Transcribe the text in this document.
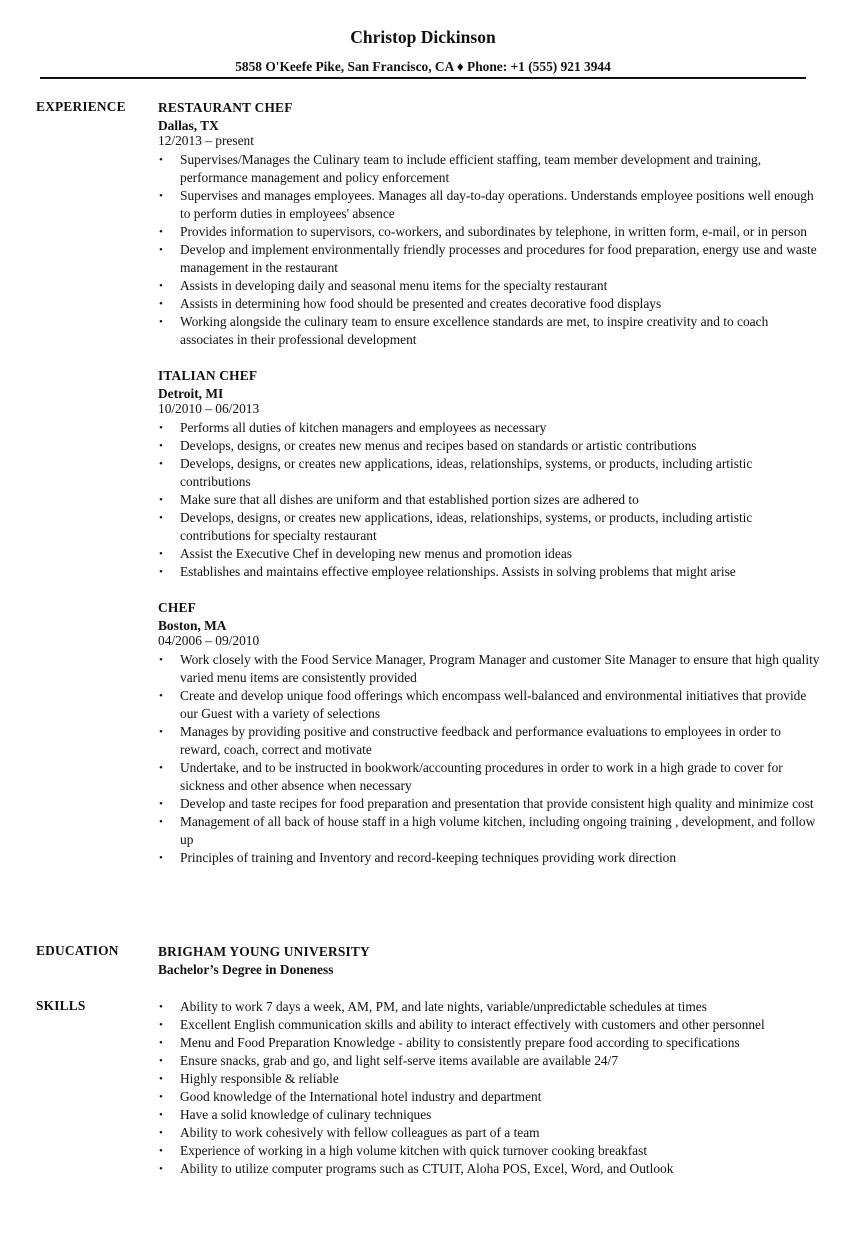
Christop Dickinson
5858 O'Keefe Pike, San Francisco, CA ♦ Phone: +1 (555) 921 3944
EXPERIENCE RESTAURANT CHEF
Dallas, TX
12/2013 – present
• Supervises/Manages the Culinary team to include efficient staffing, team member development and training, performance management and policy enforcement
• Supervises and manages employees. Manages all day-to-day operations. Understands employee positions well enough to perform duties in employees' absence
• Provides information to supervisors, co-workers, and subordinates by telephone, in written form, e-mail, or in person
• Develop and implement environmentally friendly processes and procedures for food preparation, energy use and waste management in the restaurant
• Assists in developing daily and seasonal menu items for the specialty restaurant
• Assists in determining how food should be presented and creates decorative food displays
• Working alongside the culinary team to ensure excellence standards are met, to inspire creativity and to coach associates in their professional development
ITALIAN CHEF
Detroit, MI
10/2010 – 06/2013
• Performs all duties of kitchen managers and employees as necessary
• Develops, designs, or creates new menus and recipes based on standards or artistic contributions
• Develops, designs, or creates new applications, ideas, relationships, systems, or products, including artistic contributions
• Make sure that all dishes are uniform and that established portion sizes are adhered to
• Develops, designs, or creates new applications, ideas, relationships, systems, or products, including artistic contributions for specialty restaurant
• Assist the Executive Chef in developing new menus and promotion ideas
• Establishes and maintains effective employee relationships. Assists in solving problems that might arise
CHEF
Boston, MA
04/2006 – 09/2010
• Work closely with the Food Service Manager, Program Manager and customer Site Manager to ensure that high quality varied menu items are consistently provided
• Create and develop unique food offerings which encompass well-balanced and environmental initiatives that provide our Guest with a variety of selections
• Manages by providing positive and constructive feedback and performance evaluations to employees in order to reward, coach, correct and motivate
• Undertake, and to be instructed in bookwork/accounting procedures in order to work in a high grade to cover for sickness and other absence when necessary
• Develop and taste recipes for food preparation and presentation that provide consistent high quality and minimize cost
• Management of all back of house staff in a high volume kitchen, including ongoing training , development, and follow up
• Principles of training and Inventory and record-keeping techniques providing work direction
EDUCATION	BRIGHAM YOUNG UNIVERSITY
Bachelor’s Degree in Doneness
SKILLS	• Ability to work 7 days a week, AM, PM, and late nights, variable/unpredictable schedules at times
• Excellent English communication skills and ability to interact effectively with customers and other personnel
• Menu and Food Preparation Knowledge - ability to consistently prepare food according to specifications
• Ensure snacks, grab and go, and light self-serve items available are available 24/7
• Highly responsible & reliable
• Good knowledge of the International hotel industry and department
• Have a solid knowledge of culinary techniques
• Ability to work cohesively with fellow colleagues as part of a team
• Experience of working in a high volume kitchen with quick turnover cooking breakfast
• Ability to utilize computer programs such as CTUIT, Aloha POS, Excel, Word, and Outlook
